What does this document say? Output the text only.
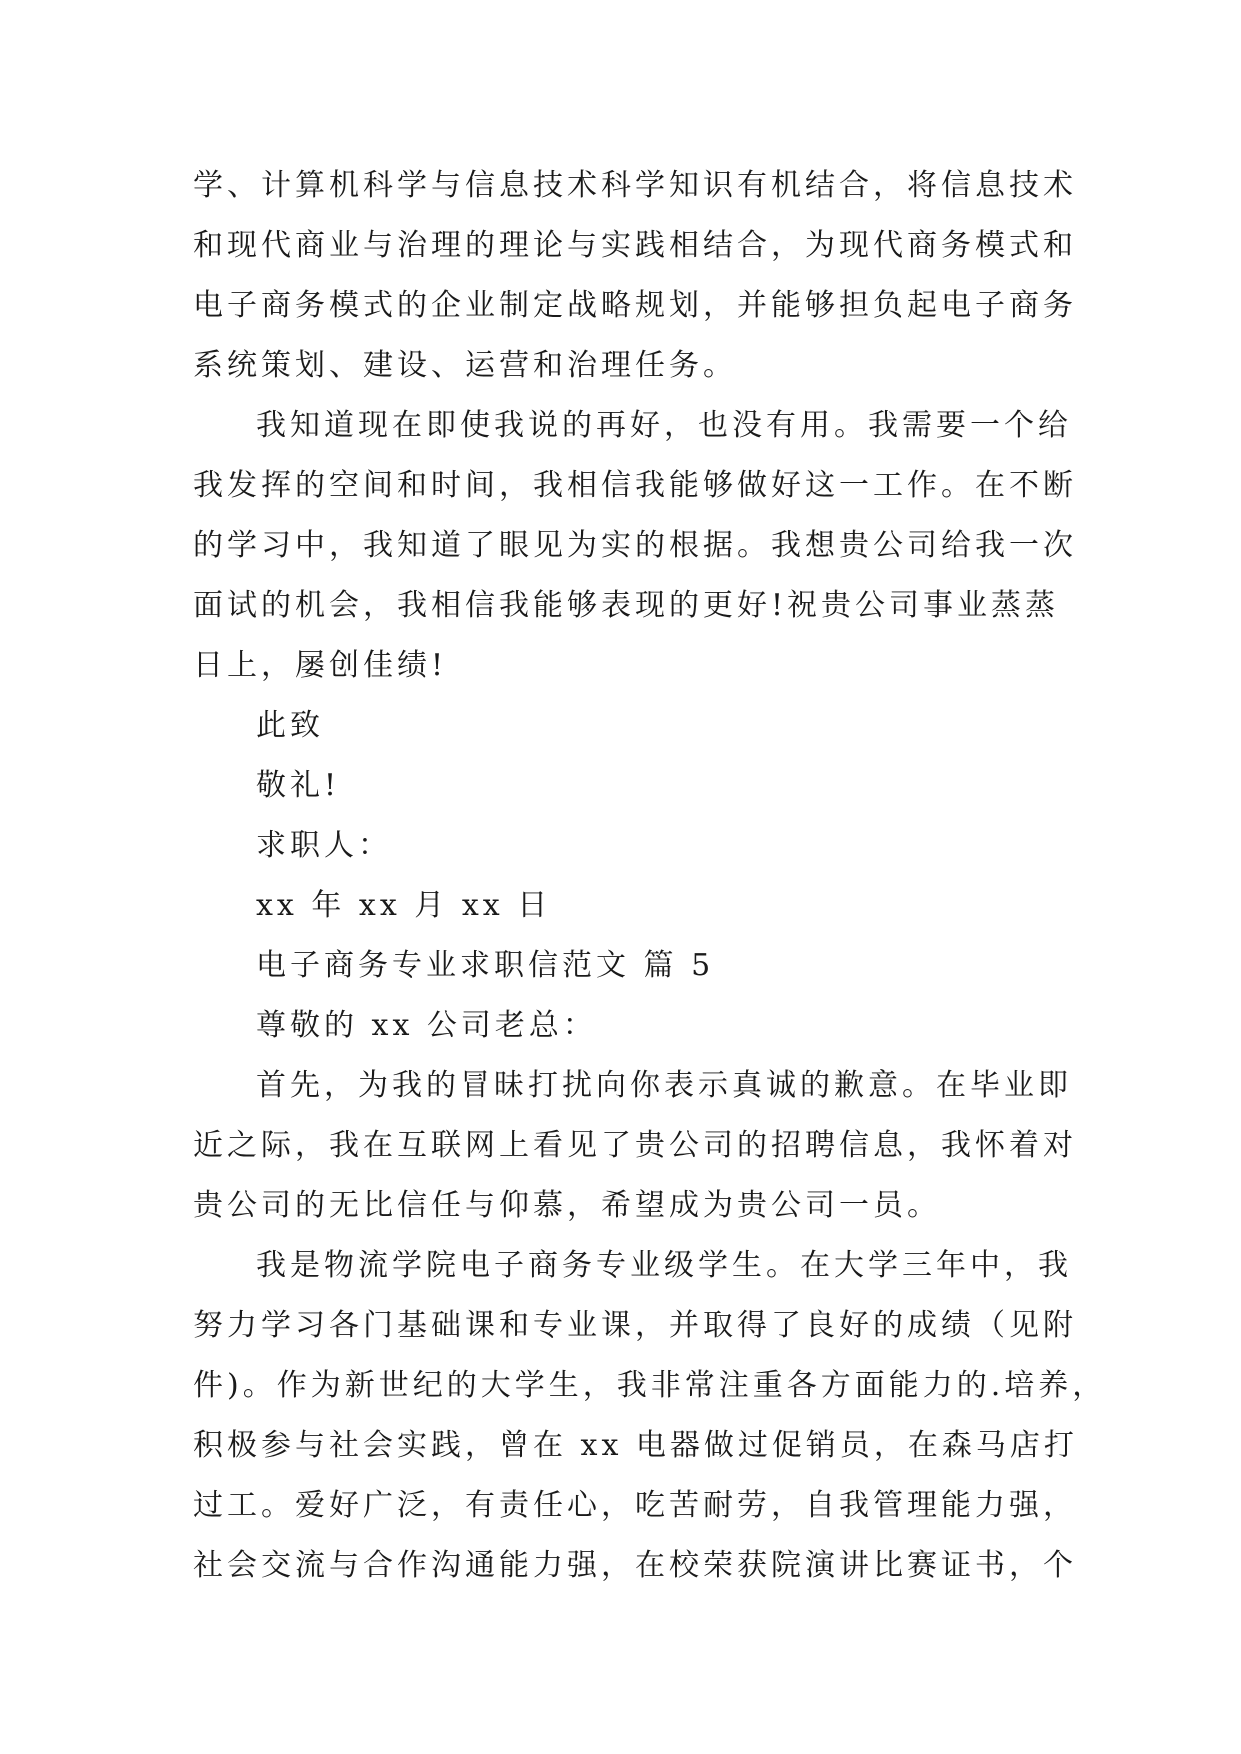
学、计算机科学与信息技术科学知识有机结合，将信息技术
和现代商业与治理的理论与实践相结合，为现代商务模式和
电子商务模式的企业制定战略规划，并能够担负起电子商务
系统策划、建设、运营和治理任务。
我知道现在即使我说的再好，也没有用。我需要一个给
我发挥的空间和时间，我相信我能够做好这一工作。在不断
的学习中，我知道了眼见为实的根据。我想贵公司给我一次
面试的机会，我相信我能够表现的更好!祝贵公司事业蒸蒸
日上，屡创佳绩!
此致
敬礼!
求职人：
xx 年 xx 月 xx 日
电子商务专业求职信范文 篇 5
尊敬的 xx 公司老总：
首先，为我的冒昧打扰向你表示真诚的歉意。在毕业即
近之际，我在互联网上看见了贵公司的招聘信息，我怀着对
贵公司的无比信任与仰慕，希望成为贵公司一员。
我是物流学院电子商务专业级学生。在大学三年中，我
努力学习各门基础课和专业课，并取得了良好的成绩（见附
件)。作为新世纪的大学生，我非常注重各方面能力的.培养，
积极参与社会实践，曾在 xx 电器做过促销员，在森马店打
过工。爱好广泛，有责任心，吃苦耐劳，自我管理能力强，
社会交流与合作沟通能力强，在校荣获院演讲比赛证书，个
